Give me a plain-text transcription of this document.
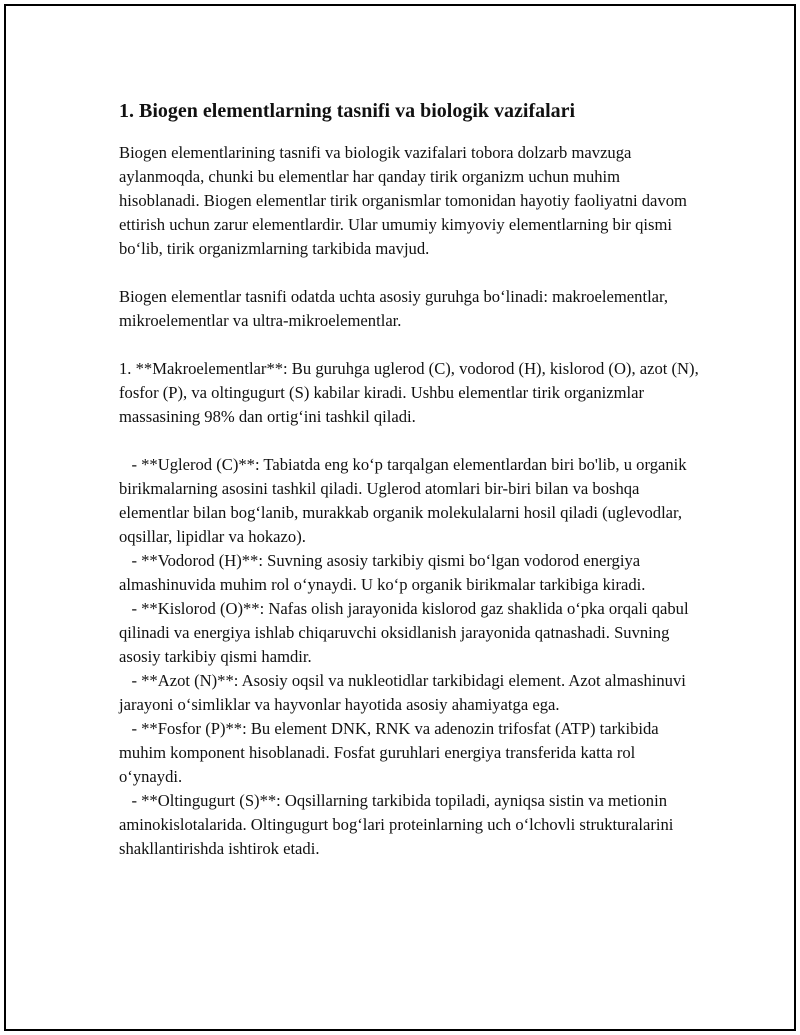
1. Biogen elementlarning tasnifi va biologik vazifalari

Biogen elementlarining tasnifi va biologik vazifalari tobora dolzarb mavzuga aylanmoqda, chunki bu elementlar har qanday tirik organizm uchun muhim hisoblanadi. Biogen elementlar tirik organismlar tomonidan hayotiy faoliyatni davom ettirish uchun zarur elementlardir. Ular umumiy kimyoviy elementlarning bir qismi bo‘lib, tirik organizmlarning tarkibida mavjud.

Biogen elementlar tasnifi odatda uchta asosiy guruhga bo‘linadi: makroelementlar, mikroelementlar va ultra-mikroelementlar.

1. **Makroelementlar**: Bu guruhga uglerod (C), vodorod (H), kislorod (O), azot (N), fosfor (P), va oltingugurt (S) kabilar kiradi. Ushbu elementlar tirik organizmlar massasining 98% dan ortig‘ini tashkil qiladi.

- **Uglerod (C)**: Tabiatda eng ko‘p tarqalgan elementlardan biri bo'lib, u organik birikmalarning asosini tashkil qiladi. Uglerod atomlari bir-biri bilan va boshqa elementlar bilan bog‘lanib, murakkab organik molekulalarni hosil qiladi (uglevodlar, oqsillar, lipidlar va hokazo).

- **Vodorod (H)**: Suvning asosiy tarkibiy qismi bo‘lgan vodorod energiya almashinuvida muhim rol o‘ynaydi. U ko‘p organik birikmalar tarkibiga kiradi.

- **Kislorod (O)**: Nafas olish jarayonida kislorod gaz shaklida o‘pka orqali qabul qilinadi va energiya ishlab chiqaruvchi oksidlanish jarayonida qatnashadi. Suvning asosiy tarkibiy qismi hamdir.

- **Azot (N)**: Asosiy oqsil va nukleotidlar tarkibidagi element. Azot almashinuvi jarayoni o‘simliklar va hayvonlar hayotida asosiy ahamiyatga ega.

- **Fosfor (P)**: Bu element DNK, RNK va adenozin trifosfat (ATP) tarkibida muhim komponent hisoblanadi. Fosfat guruhlari energiya transferida katta rol o‘ynaydi.

- **Oltingugurt (S)**: Oqsillarning tarkibida topiladi, ayniqsa sistin va metionin aminokislotalarida. Oltingugurt bog‘lari proteinlarning uch o‘lchovli strukturalarini shakllantirishda ishtirok etadi.
